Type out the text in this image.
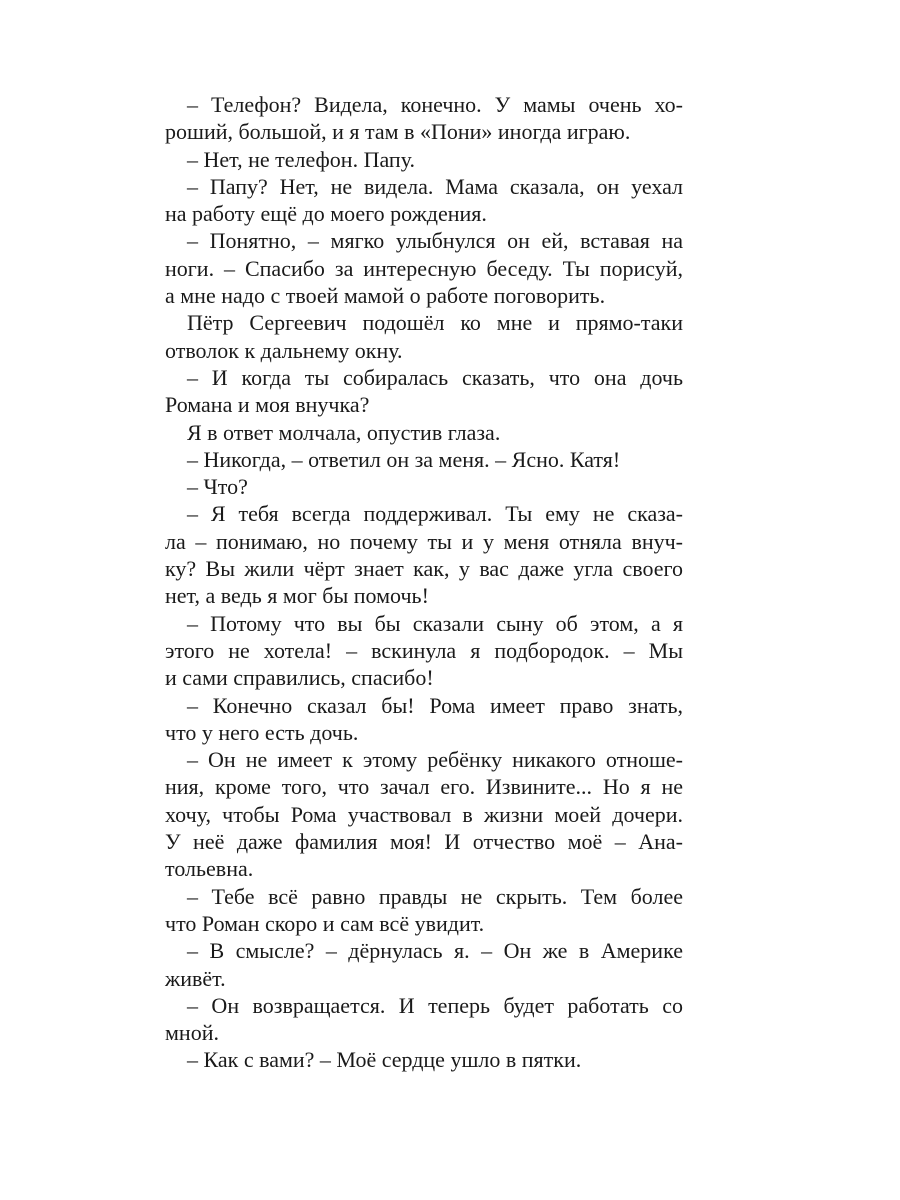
– Телефон? Видела, конечно. У мамы очень хо-
роший, большой, и я там в «Пони» иногда играю.

– Нет, не телефон. Папу.

– Папу? Нет, не видела. Мама сказала, он уехал
на работу ещё до моего рождения.

– Понятно, – мягко улыбнулся он ей, вставая на
ноги. – Спасибо за интересную беседу. Ты порисуй,
а мне надо с твоей мамой о работе поговорить.

Пётр Сергеевич подошёл ко мне и прямо-таки
отволок к дальнему окну.

– И когда ты собиралась сказать, что она дочь
Романа и моя внучка?

Я в ответ молчала, опустив глаза.

– Никогда, – ответил он за меня. – Ясно. Катя!

– Что?

– Я тебя всегда поддерживал. Ты ему не сказа-
ла – понимаю, но почему ты и у меня отняла внуч-
ку? Вы жили чёрт знает как, у вас даже угла своего
нет, а ведь я мог бы помочь!

– Потому что вы бы сказали сыну об этом, а я
этого не хотела! – вскинула я подбородок. – Мы
и сами справились, спасибо!

– Конечно сказал бы! Рома имеет право знать,
что у него есть дочь.

– Он не имеет к этому ребёнку никакого отноше-
ния, кроме того, что зачал его. Извините... Но я не
хочу, чтобы Рома участвовал в жизни моей дочери.
У неё даже фамилия моя! И отчество моё – Ана-
тольевна.

– Тебе всё равно правды не скрыть. Тем более
что Роман скоро и сам всё увидит.

– В смысле? – дёрнулась я. – Он же в Америке
живёт.

– Он возвращается. И теперь будет работать со
мной.

– Как с вами? – Моё сердце ушло в пятки.
